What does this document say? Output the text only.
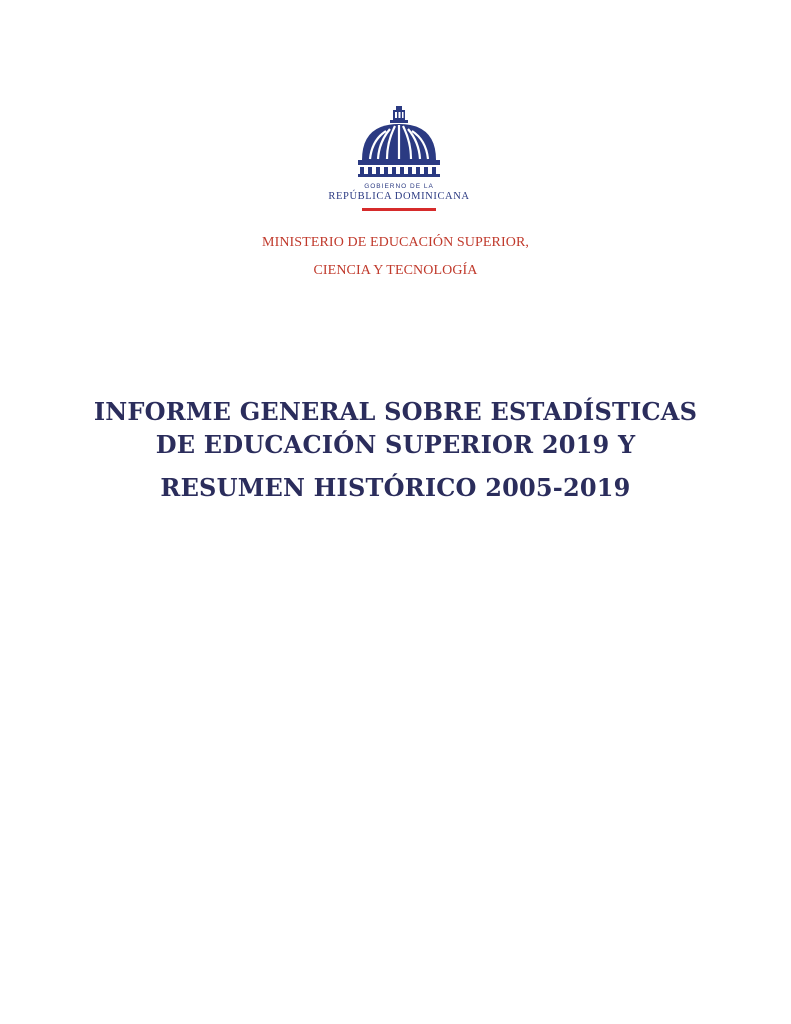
GOBIERNO DE LA
REPÚBLICA DOMINICANA
MINISTERIO DE EDUCACIÓN SUPERIOR,
CIENCIA Y TECNOLOGÍA
INFORME GENERAL SOBRE ESTADÍSTICAS
DE EDUCACIÓN SUPERIOR 2019 Y
RESUMEN HISTÓRICO 2005-2019
